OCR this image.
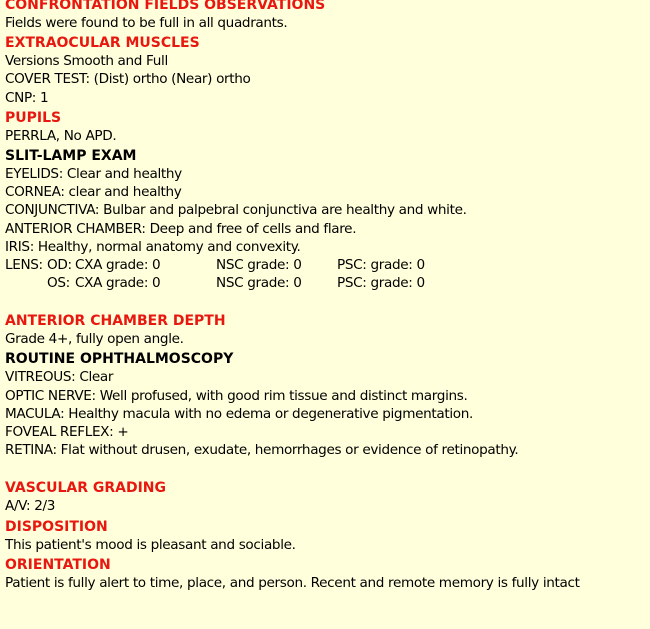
CONFRONTATION FIELDS OBSERVATIONS
Fields were found to be full in all quadrants.
EXTRAOCULAR MUSCLES
Versions Smooth and Full
COVER TEST: (Dist) ortho (Near) ortho
CNP: 1
PUPILS
PERRLA, No APD.
SLIT-LAMP EXAM
EYELIDS: Clear and healthy
CORNEA: clear and healthy
CONJUNCTIVA: Bulbar and palpebral conjunctiva are healthy and white.
ANTERIOR CHAMBER: Deep and free of cells and flare.
IRIS: Healthy, normal anatomy and convexity.
LENS: OD: CXA grade: 0	NSC grade: 0	PSC: grade: 0
OS: CXA grade: 0	NSC grade: 0	PSC: grade: 0
ANTERIOR CHAMBER DEPTH
Grade 4+, fully open angle.
ROUTINE OPHTHALMOSCOPY
VITREOUS: Clear
OPTIC NERVE: Well profused, with good rim tissue and distinct margins.
MACULA: Healthy macula with no edema or degenerative pigmentation.
FOVEAL REFLEX: +
RETINA: Flat without drusen, exudate, hemorrhages or evidence of retinopathy.
VASCULAR GRADING
A/V: 2/3
DISPOSITION
This patient's mood is pleasant and sociable.
ORIENTATION
Patient is fully alert to time, place, and person. Recent and remote memory is fully intact
